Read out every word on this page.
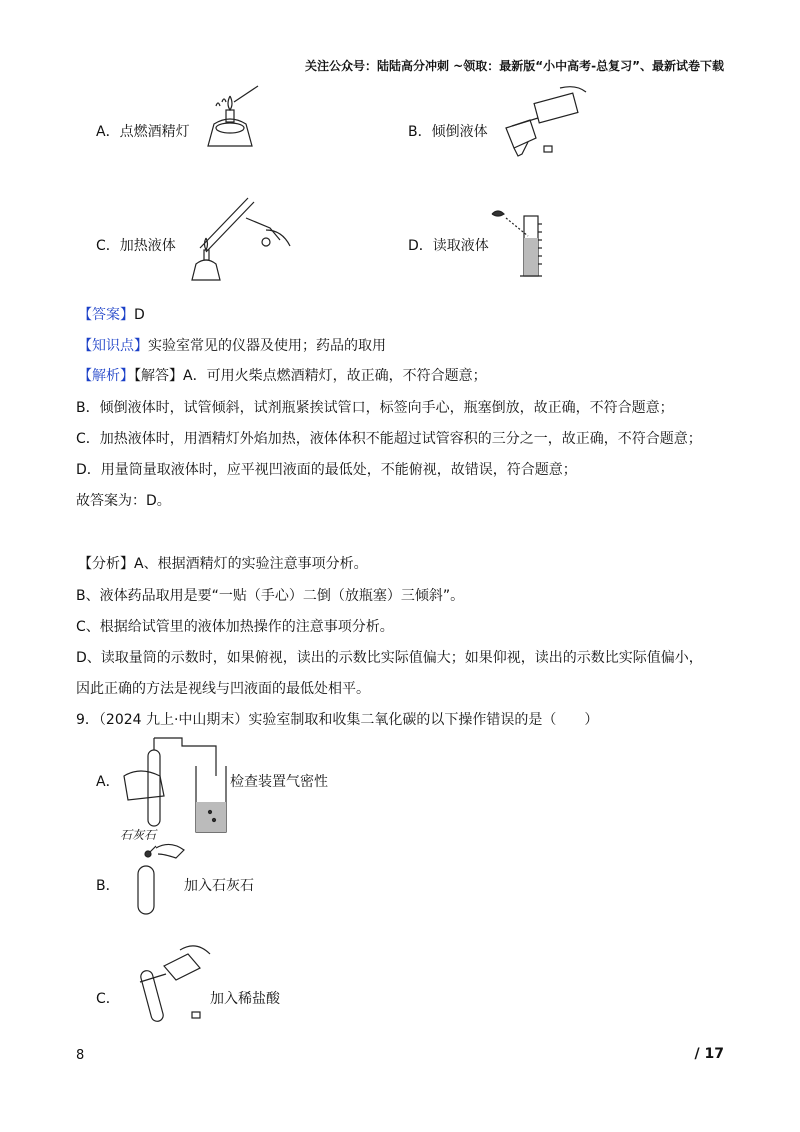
关注公众号：陆陆高分冲刺 ~领取：最新版“小中高考-总复习”、最新试卷下载
A．点燃酒精灯	B．倾倒液体
C．加热液体	D．读取液体
【答案】D
【知识点】实验室常见的仪器及使用；药品的取用
【解析】【解答】A．可用火柴点燃酒精灯，故正确，不符合题意；
B．倾倒液体时，试管倾斜，试剂瓶紧挨试管口，标签向手心，瓶塞倒放，故正确，不符合题意；
C．加热液体时，用酒精灯外焰加热，液体体积不能超过试管容积的三分之一，故正确，不符合题意；
D．用量筒量取液体时，应平视凹液面的最低处，不能俯视，故错误，符合题意；
故答案为：D。
【分析】A、根据酒精灯的实验注意事项分析。
B、液体药品取用是要“一贴（手心）二倒（放瓶塞）三倾斜”。
C、根据给试管里的液体加热操作的注意事项分析。
D、读取量筒的示数时，如果俯视，读出的示数比实际值偏大；如果仰视，读出的示数比实际值偏小，
因此正确的方法是视线与凹液面的最低处相平。
9．（2024 九上·中山期末）实验室制取和收集二氧化碳的以下操作错误的是（　　）
A．	检查装置气密性
石灰石
B．	加入石灰石
C．	加入稀盐酸
8	/ 17
